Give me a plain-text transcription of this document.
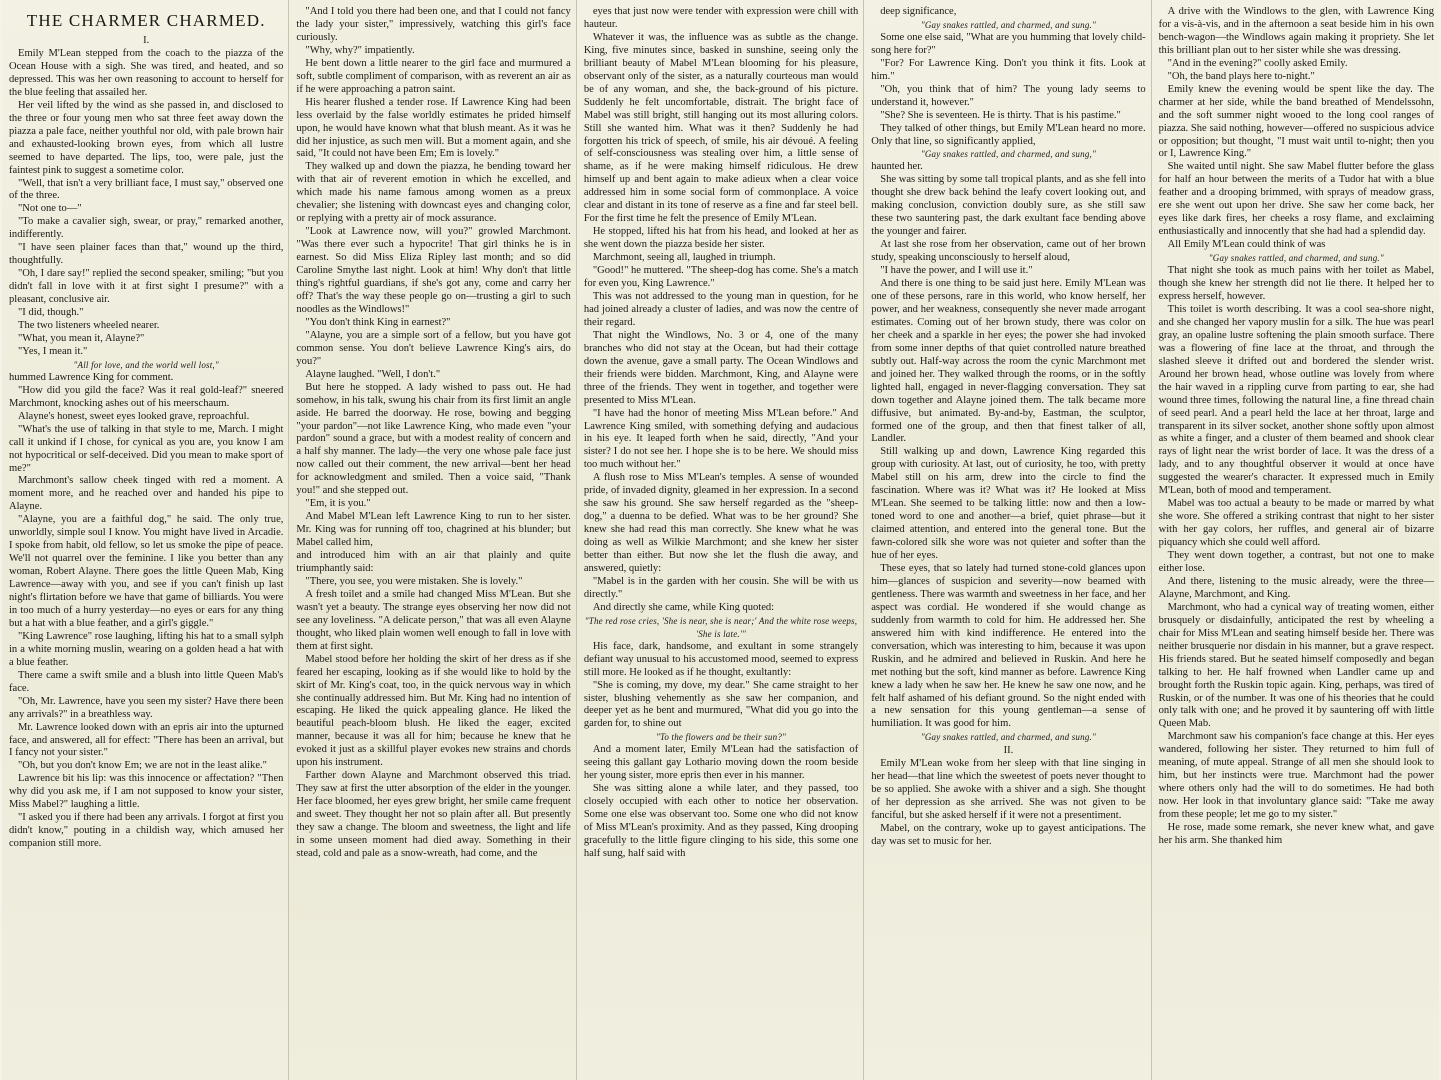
THE CHARMER CHARMED.

I.

Emily M'Lean stepped from the coach to the piazza of the Ocean House with a sigh. She was tired, and heated, and so depressed. This was her own reasoning to account to herself for the blue feeling that assailed her.

Her veil lifted by the wind as she passed in, and disclosed to the three or four young men who sat three feet away down the piazza a pale face, neither youthful nor old, with pale brown hair and exhausted-looking brown eyes, from which all lustre seemed to have departed. The lips, too, were pale, just the faintest pink to suggest a sometime color.

"Well, that isn't a very brilliant face, I must say," observed one of the three.

"Not one to—"

"To make a cavalier sigh, swear, or pray," remarked another, indifferently.

"I have seen plainer faces than that," wound up the third, thoughtfully.

"Oh, I dare say!" replied the second speaker, smiling; "but you didn't fall in love with it at first sight I presume?" with a pleasant, conclusive air.

"I did, though."

The two listeners wheeled nearer.

"What, you mean it, Alayne?"

"Yes, I mean it."

"All for love, and the world well lost,"

hummed Lawrence King for comment.

"How did you gild the face? Was it real gold-leaf?" sneered Marchmont, knocking ashes out of his meerschaum.

Alayne's honest, sweet eyes looked grave, reproachful.

"What's the use of talking in that style to me, March. I might call it unkind if I chose, for cynical as you are, you know I am not hypocritical or self-deceived. Did you mean to make sport of me?"

Marchmont's sallow cheek tinged with red a moment. A moment more, and he reached over and handed his pipe to Alayne.

"Alayne, you are a faithful dog," he said. The only true, unworldly, simple soul I know. You might have lived in Arcadie. I spoke from habit, old fellow, so let us smoke the pipe of peace. We'll not quarrel over the feminine. I like you better than any woman, Robert Alayne. There goes the little Queen Mab, King Lawrence—away with you, and see if you can't finish up last night's flirtation before we have that game of billiards. You were in too much of a hurry yesterday—no eyes or ears for any thing but a hat with a blue feather, and a girl's giggle."

"King Lawrence" rose laughing, lifting his hat to a small sylph in a white morning muslin, wearing on a golden head a hat with a blue feather.

There came a swift smile and a blush into little Queen Mab's face.

"Oh, Mr. Lawrence, have you seen my sister? Have there been any arrivals?" in a breathless way.

Mr. Lawrence looked down with an epris air into the upturned face, and answered, all for effect: "There has been an arrival, but I fancy not your sister."

"Oh, but you don't know Em; we are not in the least alike."

Lawrence bit his lip: was this innocence or affectation? "Then why did you ask me, if I am not supposed to know your sister, Miss Mabel?" laughing a little.

"I asked you if there had been any arrivals. I forgot at first you didn't know," pouting in a childish way, which amused her companion still more.

"And I told you there had been one, and that I could not fancy the lady your sister," impressively, watching this girl's face curiously.

"Why, why?" impatiently.

He bent down a little nearer to the girl face and murmured a soft, subtle compliment of comparison, with as reverent an air as if he were approaching a patron saint.

His hearer flushed a tender rose. If Lawrence King had been less overlaid by the false worldly estimates he prided himself upon, he would have known what that blush meant. As it was he did her injustice, as such men will. But a moment again, and she said, "It could not have been Em; Em is lovely."

They walked up and down the piazza, he bending toward her with that air of reverent emotion in which he excelled, and which made his name famous among women as a preux chevalier; she listening with downcast eyes and changing color, or replying with a pretty air of mock assurance.

"Look at Lawrence now, will you?" growled Marchmont. "Was there ever such a hypocrite! That girl thinks he is in earnest. So did Miss Eliza Ripley last month; and so did Caroline Smythe last night. Look at him! Why don't that little thing's rightful guardians, if she's got any, come and carry her off? That's the way these people go on—trusting a girl to such noodles as the Windlows!"

"You don't think King in earnest?"

"Alayne, you are a simple sort of a fellow, but you have got common sense. You don't believe Lawrence King's airs, do you?"

Alayne laughed. "Well, I don't."

But here he stopped. A lady wished to pass out. He had somehow, in his talk, swung his chair from its first limit an angle aside. He barred the doorway. He rose, bowing and begging "your pardon"—not like Lawrence King, who made even "your pardon" sound a grace, but with a modest reality of concern and a half shy manner. The lady—the very one whose pale face just now called out their comment, the new arrival—bent her head for acknowledgment and smiled. Then a voice said, "Thank you!" and she stepped out.

"Em, it is you."

And Mabel M'Lean left Lawrence King to run to her sister. Mr. King was for running off too, chagrined at his blunder; but Mabel called him,

and introduced him with an air that plainly and quite triumphantly said:

"There, you see, you were mistaken. She is lovely."

A fresh toilet and a smile had changed Miss M'Lean. But she wasn't yet a beauty. The strange eyes observing her now did not see any loveliness. "A delicate person," that was all even Alayne thought, who liked plain women well enough to fall in love with them at first sight.

Mabel stood before her holding the skirt of her dress as if she feared her escaping, looking as if she would like to hold by the skirt of Mr. King's coat, too, in the quick nervous way in which she continually addressed him. But Mr. King had no intention of escaping. He liked the quick appealing glance. He liked the beautiful peach-bloom blush. He liked the eager, excited manner, because it was all for him; because he knew that he evoked it just as a skillful player evokes new strains and chords upon his instrument.

Farther down Alayne and Marchmont observed this triad. They saw at first the utter absorption of the elder in the younger. Her face bloomed, her eyes grew bright, her smile came frequent and sweet. They thought her not so plain after all. But presently they saw a change. The bloom and sweetness, the light and life in some unseen moment had died away. Something in their stead, cold and pale as a snow-wreath, had come, and the

eyes that just now were tender with expression were chill with hauteur.

Whatever it was, the influence was as subtle as the change. King, five minutes since, basked in sunshine, seeing only the brilliant beauty of Mabel M'Lean blooming for his pleasure, observant only of the sister, as a naturally courteous man would be of any woman, and she, the back-ground of his picture. Suddenly he felt uncomfortable, distrait. The bright face of Mabel was still bright, still hanging out its most alluring colors. Still she wanted him. What was it then? Suddenly he had forgotten his trick of speech, of smile, his air dévoué. A feeling of self-consciousness was stealing over him, a little sense of shame, as if he were making himself ridiculous. He drew himself up and bent again to make adieux when a clear voice addressed him in some social form of commonplace. A voice clear and distant in its tone of reserve as a fine and far steel bell. For the first time he felt the presence of Emily M'Lean.

He stopped, lifted his hat from his head, and looked at her as she went down the piazza beside her sister.

Marchmont, seeing all, laughed in triumph.

"Good!" he muttered. "The sheep-dog has come. She's a match for even you, King Lawrence."

This was not addressed to the young man in question, for he had joined already a cluster of ladies, and was now the centre of their regard.

That night the Windlows, No. 3 or 4, one of the many branches who did not stay at the Ocean, but had their cottage down the avenue, gave a small party. The Ocean Windlows and their friends were bidden. Marchmont, King, and Alayne were three of the friends. They went in together, and together were presented to Miss M'Lean.

"I have had the honor of meeting Miss M'Lean before." And Lawrence King smiled, with something defying and audacious in his eye. It leaped forth when he said, directly, "And your sister? I do not see her. I hope she is to be here. We should miss too much without her."

A flush rose to Miss M'Lean's temples. A sense of wounded pride, of invaded dignity, gleamed in her expression. In a second she saw his ground. She saw herself regarded as the "sheep-dog," a duenna to be defied. What was to be her ground? She knew she had read this man correctly. She knew what he was doing as well as Wilkie Marchmont; and she knew her sister better than either. But now she let the flush die away, and answered, quietly:

"Mabel is in the garden with her cousin. She will be with us directly."

And directly she came, while King quoted:

"The red rose cries, 'She is near, she is near;' And the white rose weeps, 'She is late.'"

His face, dark, handsome, and exultant in some strangely defiant way unusual to his accustomed mood, seemed to express still more. He looked as if he thought, exultantly:

"She is coming, my dove, my dear." She came straight to her sister, blushing vehemently as she saw her companion, and deeper yet as he bent and murmured, "What did you go into the garden for, to shine out

"To the flowers and be their sun?"

And a moment later, Emily M'Lean had the satisfaction of seeing this gallant gay Lothario moving down the room beside her young sister, more epris then ever in his manner.

She was sitting alone a while later, and they passed, too closely occupied with each other to notice her observation. Some one else was observant too. Some one who did not know of Miss M'Lean's proximity. And as they passed, King drooping gracefully to the little figure clinging to his side, this some one half sung, half said with

deep significance,

"Gay snakes rattled, and charmed, and sung."

Some one else said, "What are you humming that lovely child-song here for?"

"For? For Lawrence King. Don't you think it fits. Look at him."

"Oh, you think that of him? The young lady seems to understand it, however."

"She? She is seventeen. He is thirty. That is his pastime."

They talked of other things, but Emily M'Lean heard no more. Only that line, so significantly applied,

"Gay snakes rattled, and charmed, and sung,"

haunted her.

She was sitting by some tall tropical plants, and as she fell into thought she drew back behind the leafy covert looking out, and making conclusion, conviction doubly sure, as she still saw these two sauntering past, the dark exultant face bending above the younger and fairer.

At last she rose from her observation, came out of her brown study, speaking unconsciously to herself aloud,

"I have the power, and I will use it."

And there is one thing to be said just here. Emily M'Lean was one of these persons, rare in this world, who know herself, her power, and her weakness, consequently she never made arrogant estimates. Coming out of her brown study, there was color on her cheek and a sparkle in her eyes; the power she had invoked from some inner depths of that quiet controlled nature breathed subtly out. Half-way across the room the cynic Marchmont met and joined her. They walked through the rooms, or in the softly lighted hall, engaged in never-flagging conversation. They sat down together and Alayne joined them. The talk became more diffusive, but animated. By-and-by, Eastman, the sculptor, formed one of the group, and then that finest talker of all, Landler.

Still walking up and down, Lawrence King regarded this group with curiosity. At last, out of curiosity, he too, with pretty Mabel still on his arm, drew into the circle to find the fascination. Where was it? What was it? He looked at Miss M'Lean. She seemed to be talking little: now and then a low-toned word to one and another—a brief, quiet phrase—but it claimed attention, and entered into the general tone. But the fawn-colored silk she wore was not quieter and softer than the hue of her eyes.

These eyes, that so lately had turned stone-cold glances upon him—glances of suspicion and severity—now beamed with gentleness. There was warmth and sweetness in her face, and her aspect was cordial. He wondered if she would change as suddenly from warmth to cold for him. He addressed her. She answered him with kind indifference. He entered into the conversation, which was interesting to him, because it was upon Ruskin, and he admired and believed in Ruskin. And here he met nothing but the soft, kind manner as before. Lawrence King knew a lady when he saw her. He knew he saw one now, and he felt half ashamed of his defiant ground. So the night ended with a new sensation for this young gentleman—a sense of humiliation. It was good for him.

"Gay snakes rattled, and charmed, and sung."

II.

Emily M'Lean woke from her sleep with that line singing in her head—that line which the sweetest of poets never thought to be so applied. She awoke with a shiver and a sigh. She thought of her depression as she arrived. She was not given to be fanciful, but she asked herself if it were not a presentiment.

Mabel, on the contrary, woke up to gayest anticipations. The day was set to music for her.

A drive with the Windlows to the glen, with Lawrence King for a vis-à-vis, and in the afternoon a seat beside him in his own bench-wagon—the Windlows again making it propriety. She let this brilliant plan out to her sister while she was dressing.

"And in the evening?" coolly asked Emily.

"Oh, the band plays here to-night."

Emily knew the evening would be spent like the day. The charmer at her side, while the band breathed of Mendelssohn, and the soft summer night wooed to the long cool ranges of piazza. She said nothing, however—offered no suspicious advice or opposition; but thought, "I must wait until to-night; then you or I, Lawrence King."

She waited until night. She saw Mabel flutter before the glass for half an hour between the merits of a Tudor hat with a blue feather and a drooping brimmed, with sprays of meadow grass, ere she went out upon her drive. She saw her come back, her eyes like dark fires, her cheeks a rosy flame, and exclaiming enthusiastically and innocently that she had had a splendid day.

All Emily M'Lean could think of was

"Gay snakes rattled, and charmed, and sung."

That night she took as much pains with her toilet as Mabel, though she knew her strength did not lie there. It helped her to express herself, however.

This toilet is worth describing. It was a cool sea-shore night, and she changed her vapory muslin for a silk. The hue was pearl gray, an opaline lustre softening the plain smooth surface. There was a flowering of fine lace at the throat, and through the slashed sleeve it drifted out and bordered the slender wrist. Around her brown head, whose outline was lovely from where the hair waved in a rippling curve from parting to ear, she had wound three times, following the natural line, a fine thread chain of seed pearl. And a pearl held the lace at her throat, large and transparent in its silver socket, another shone softly upon almost as white a finger, and a cluster of them beamed and shook clear rays of light near the wrist border of lace. It was the dress of a lady, and to any thoughtful observer it would at once have suggested the wearer's character. It expressed much in Emily M'Lean, both of mood and temperament.

Mabel was too actual a beauty to be made or marred by what she wore. She offered a striking contrast that night to her sister with her gay colors, her ruffles, and general air of bizarre piquancy which she could well afford.

They went down together, a contrast, but not one to make either lose.

And there, listening to the music already, were the three—Alayne, Marchmont, and King.

Marchmont, who had a cynical way of treating women, either brusquely or disdainfully, anticipated the rest by wheeling a chair for Miss M'Lean and seating himself beside her. There was neither brusquerie nor disdain in his manner, but a grave respect. His friends stared. But he seated himself composedly and began talking to her. He half frowned when Landler came up and brought forth the Ruskin topic again. King, perhaps, was tired of Ruskin, or of the number. It was one of his theories that he could only talk with one; and he proved it by sauntering off with little Queen Mab.

Marchmont saw his companion's face change at this. Her eyes wandered, following her sister. They returned to him full of meaning, of mute appeal. Strange of all men she should look to him, but her instincts were true. Marchmont had the power where others only had the will to do sometimes. He had both now. Her look in that involuntary glance said: "Take me away from these people; let me go to my sister."

He rose, made some remark, she never knew what, and gave her his arm. She thanked him
